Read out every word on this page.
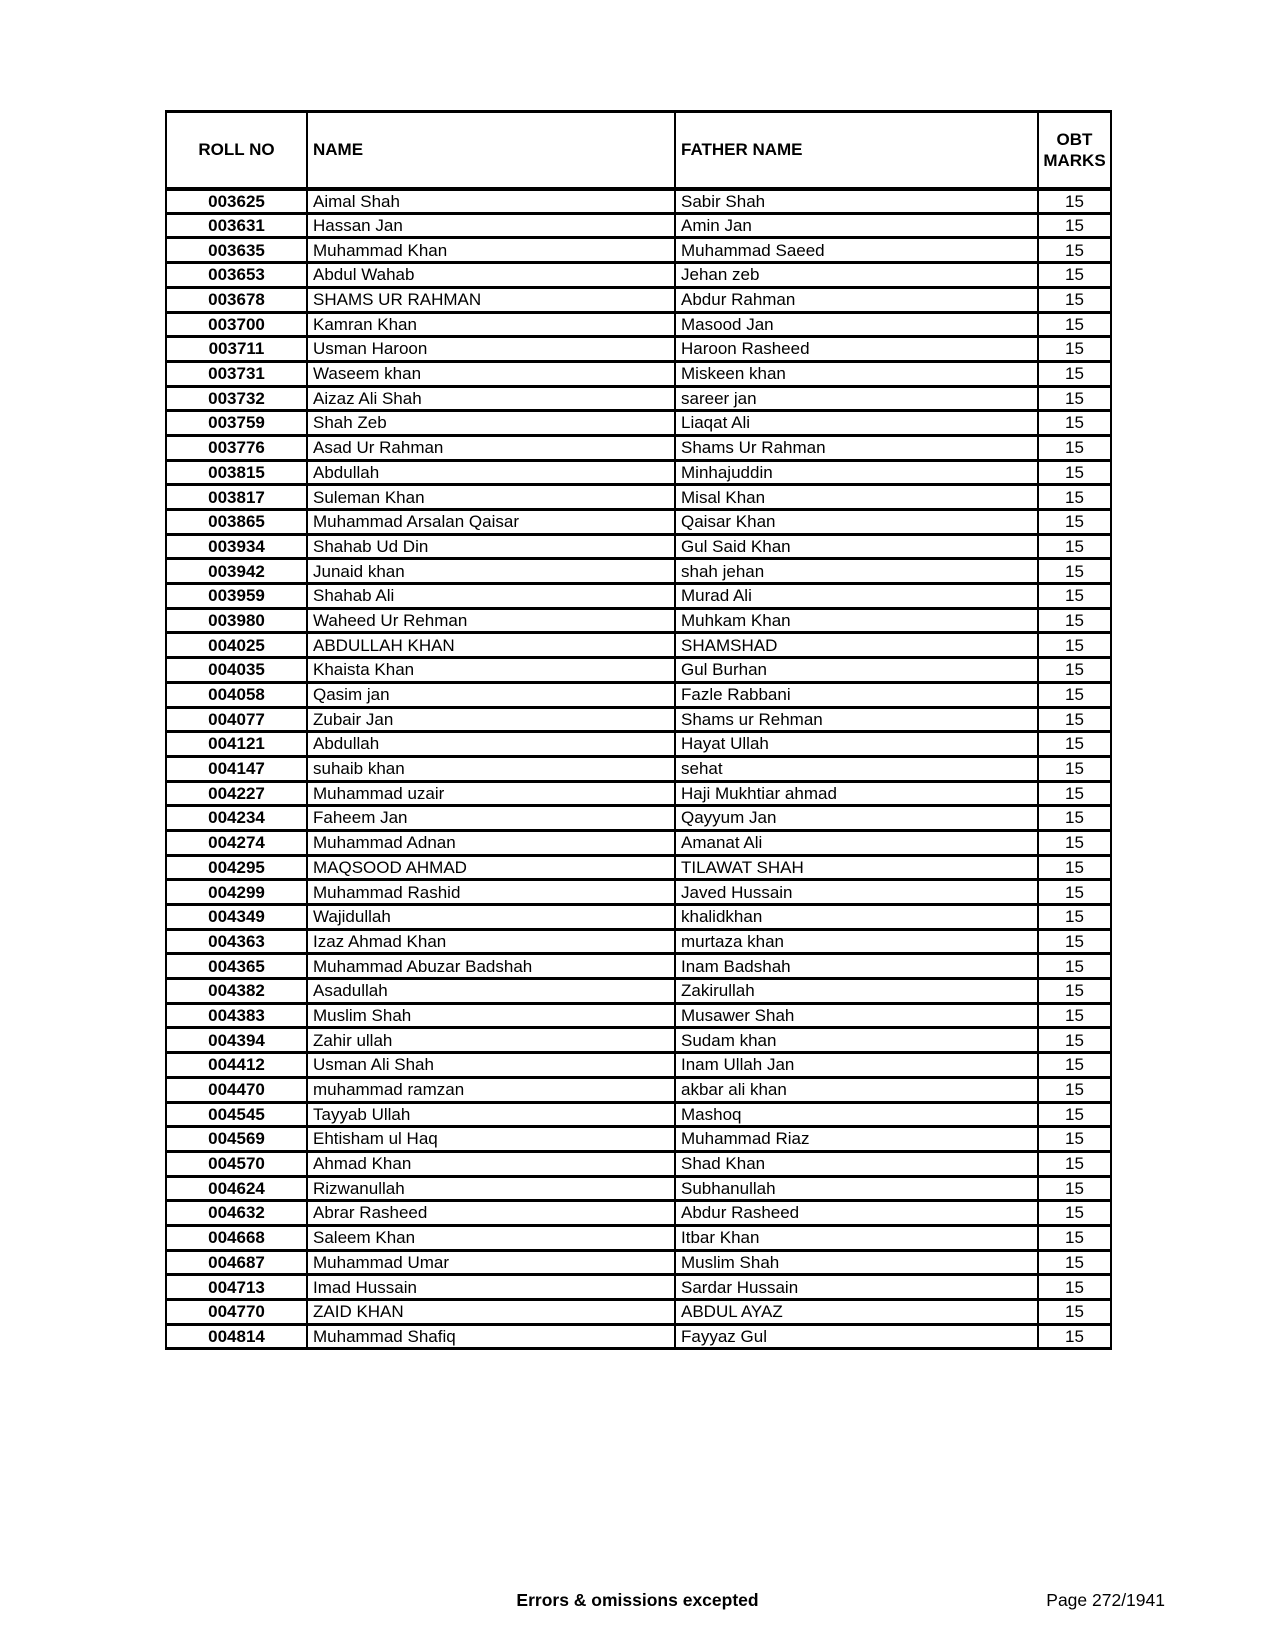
ROLL NO	NAME	FATHER NAME	OBT MARKS
003625	Aimal Shah	Sabir Shah	15
003631	Hassan Jan	Amin Jan	15
003635	Muhammad Khan	Muhammad Saeed	15
003653	Abdul Wahab	Jehan zeb	15
003678	SHAMS UR RAHMAN	Abdur Rahman	15
003700	Kamran Khan	Masood Jan	15
003711	Usman Haroon	Haroon Rasheed	15
003731	Waseem khan	Miskeen khan	15
003732	Aizaz Ali Shah	sareer jan	15
003759	Shah Zeb	Liaqat Ali	15
003776	Asad Ur Rahman	Shams Ur Rahman	15
003815	Abdullah	Minhajuddin	15
003817	Suleman Khan	Misal Khan	15
003865	Muhammad Arsalan Qaisar	Qaisar Khan	15
003934	Shahab Ud Din	Gul Said Khan	15
003942	Junaid khan	shah jehan	15
003959	Shahab Ali	Murad Ali	15
003980	Waheed Ur Rehman	Muhkam Khan	15
004025	ABDULLAH KHAN	SHAMSHAD	15
004035	Khaista Khan	Gul Burhan	15
004058	Qasim jan	Fazle Rabbani	15
004077	Zubair Jan	Shams ur Rehman	15
004121	Abdullah	Hayat Ullah	15
004147	suhaib khan	sehat	15
004227	Muhammad uzair	Haji Mukhtiar ahmad	15
004234	Faheem Jan	Qayyum Jan	15
004274	Muhammad Adnan	Amanat Ali	15
004295	MAQSOOD AHMAD	TILAWAT SHAH	15
004299	Muhammad Rashid	Javed Hussain	15
004349	Wajidullah	khalidkhan	15
004363	Izaz Ahmad Khan	murtaza khan	15
004365	Muhammad Abuzar Badshah	Inam Badshah	15
004382	Asadullah	Zakirullah	15
004383	Muslim Shah	Musawer Shah	15
004394	Zahir ullah	Sudam khan	15
004412	Usman Ali Shah	Inam Ullah Jan	15
004470	muhammad ramzan	akbar ali khan	15
004545	Tayyab Ullah	Mashoq	15
004569	Ehtisham ul Haq	Muhammad Riaz	15
004570	Ahmad Khan	Shad Khan	15
004624	Rizwanullah	Subhanullah	15
004632	Abrar Rasheed	Abdur Rasheed	15
004668	Saleem Khan	Itbar Khan	15
004687	Muhammad Umar	Muslim Shah	15
004713	Imad Hussain	Sardar Hussain	15
004770	ZAID KHAN	ABDUL AYAZ	15
004814	Muhammad Shafiq	Fayyaz Gul	15
Errors & omissions excepted	Page 272/1941
